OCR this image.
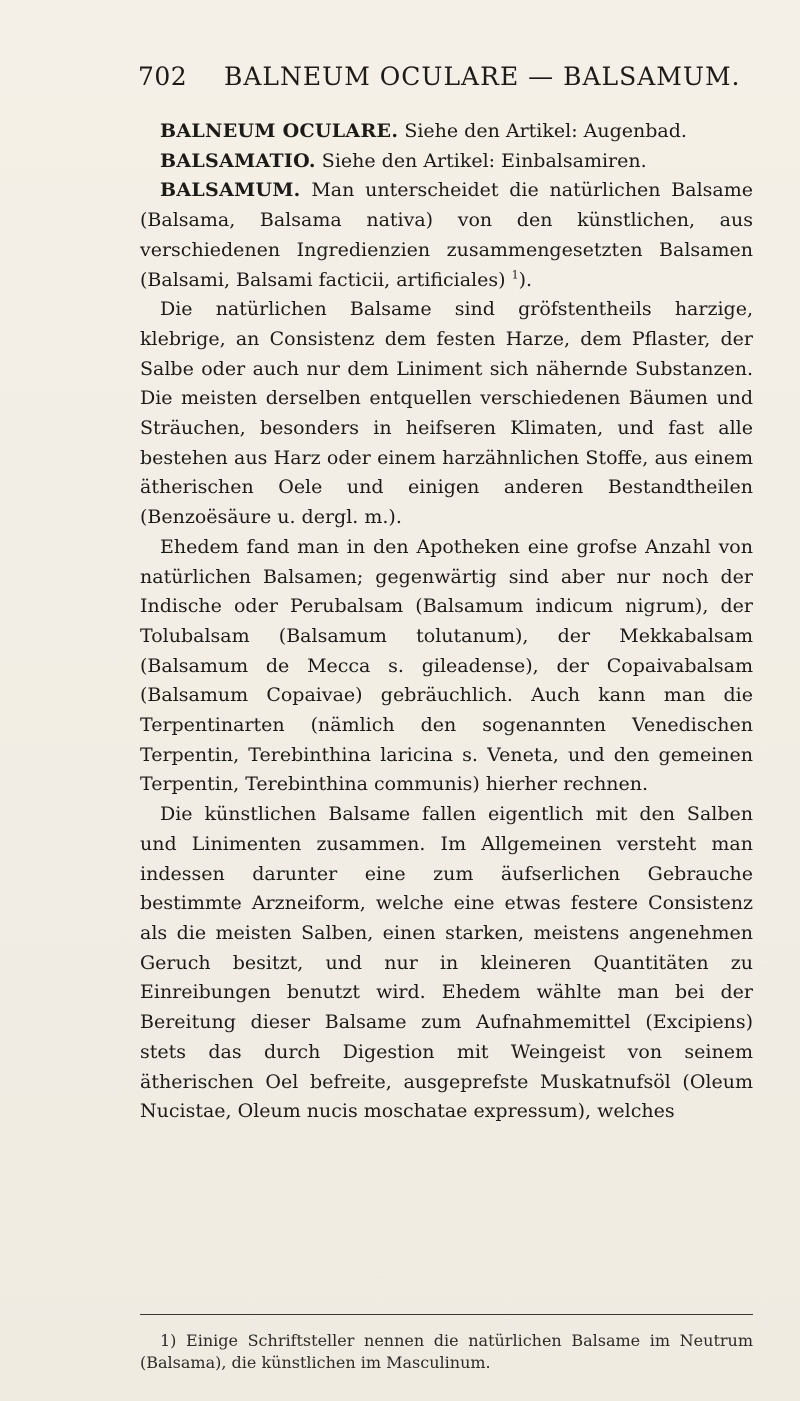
702 BALNEUM OCULARE — BALSAMUM.

BALNEUM OCULARE. Siehe den Artikel: Augenbad.

BALSAMATIO. Siehe den Artikel: Einbalsamiren.

BALSAMUM. Man unterscheidet die natürlichen Balsame (Balsama, Balsama nativa) von den künstlichen, aus verschiedenen Ingredienzien zusammengesetzten Balsamen (Balsami, Balsami facticii, artificiales) $^1$).

Die natürlichen Balsame sind gröfstentheils harzige, klebrige, an Consistenz dem festen Harze, dem Pflaster, der Salbe oder auch nur dem Liniment sich nähernde Substanzen. Die meisten derselben entquellen verschiedenen Bäumen und Sträuchen, besonders in heifseren Klimaten, und fast alle bestehen aus Harz oder einem harzähnlichen Stoffe, aus einem ätherischen Oele und einigen anderen Bestandtheilen (Benzoësäure u. dergl. m.).

Ehedem fand man in den Apotheken eine grofse Anzahl von natürlichen Balsamen; gegenwärtig sind aber nur noch der Indische oder Perubalsam (Balsamum indicum nigrum), der Tolubalsam (Balsamum tolutanum), der Mekkabalsam (Balsamum de Mecca s. gileadense), der Copaivabalsam (Balsamum Copaivae) gebräuchlich. Auch kann man die Terpentinarten (nämlich den sogenannten Venedischen Terpentin, Terebinthina laricina s. Veneta, und den gemeinen Terpentin, Terebinthina communis) hierher rechnen.

Die künstlichen Balsame fallen eigentlich mit den Salben und Linimenten zusammen. Im Allgemeinen versteht man indessen darunter eine zum äufserlichen Gebrauche bestimmte Arzneiform, welche eine etwas festere Consistenz als die meisten Salben, einen starken, meistens angenehmen Geruch besitzt, und nur in kleineren Quantitäten zu Einreibungen benutzt wird. Ehedem wählte man bei der Bereitung dieser Balsame zum Aufnahmemittel (Excipiens) stets das durch Digestion mit Weingeist von seinem ätherischen Oel befreite, ausgeprefste Muskatnufsöl (Oleum Nucistae, Oleum nucis moschatae expressum), welches

1) Einige Schriftsteller nennen die natürlichen Balsame im Neutrum (Balsama), die künstlichen im Masculinum.
